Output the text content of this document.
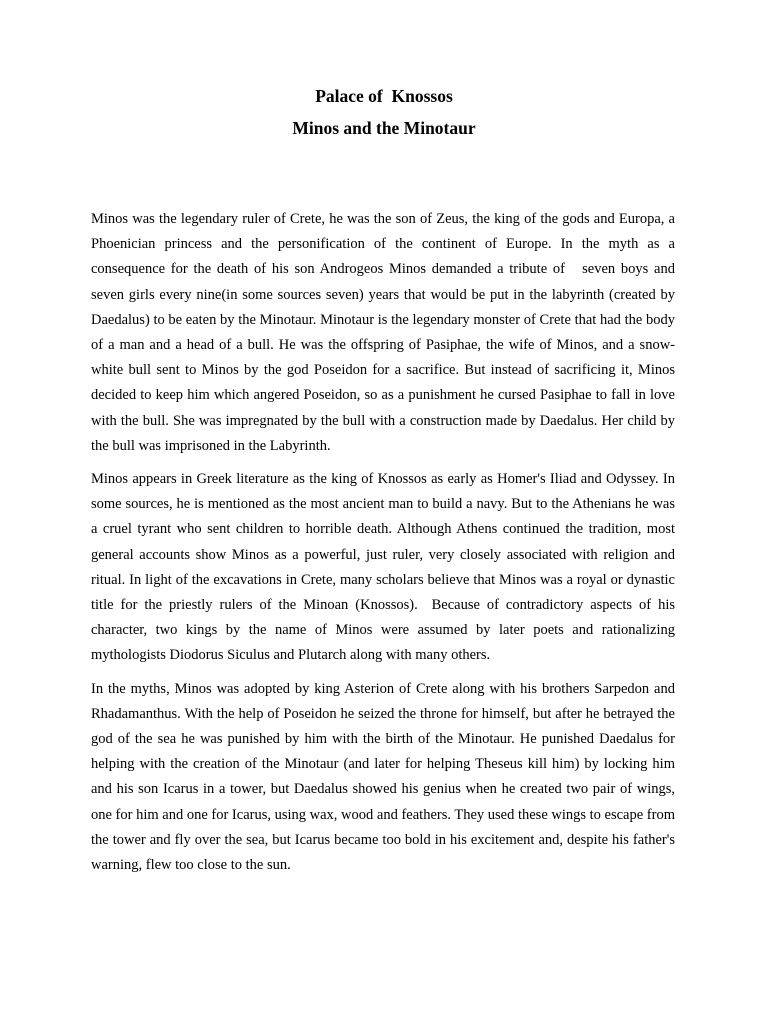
Palace of  Knossos
Minos and the Minotaur

Minos was the legendary ruler of Crete, he was the son of Zeus, the king of the gods and Europa, a Phoenician princess and the personification of the continent of Europe. In the myth as a consequence for the death of his son Androgeos Minos demanded a tribute of   seven boys and seven girls every nine(in some sources seven) years that would be put in the labyrinth (created by Daedalus) to be eaten by the Minotaur. Minotaur is the legendary monster of Crete that had the body of a man and a head of a bull. He was the offspring of Pasiphae, the wife of Minos, and a snow-white bull sent to Minos by the god Poseidon for a sacrifice. But instead of sacrificing it, Minos decided to keep him which angered Poseidon, so as a punishment he cursed Pasiphae to fall in love with the bull. She was impregnated by the bull with a construction made by Daedalus. Her child by the bull was imprisoned in the Labyrinth.

Minos appears in Greek literature as the king of Knossos as early as Homer's Iliad and Odyssey. In some sources, he is mentioned as the most ancient man to build a navy. But to the Athenians he was a cruel tyrant who sent children to horrible death. Although Athens continued the tradition, most general accounts show Minos as a powerful, just ruler, very closely associated with religion and ritual. In light of the excavations in Crete, many scholars believe that Minos was a royal or dynastic title for the priestly rulers of the Minoan (Knossos).  Because of contradictory aspects of his character, two kings by the name of Minos were assumed by later poets and rationalizing mythologists Diodorus Siculus and Plutarch along with many others.

In the myths, Minos was adopted by king Asterion of Crete along with his brothers Sarpedon and Rhadamanthus. With the help of Poseidon he seized the throne for himself, but after he betrayed the god of the sea he was punished by him with the birth of the Minotaur. He punished Daedalus for helping with the creation of the Minotaur (and later for helping Theseus kill him) by locking him and his son Icarus in a tower, but Daedalus showed his genius when he created two pair of wings, one for him and one for Icarus, using wax, wood and feathers. They used these wings to escape from the tower and fly over the sea, but Icarus became too bold in his excitement and, despite his father's warning, flew too close to the sun.
